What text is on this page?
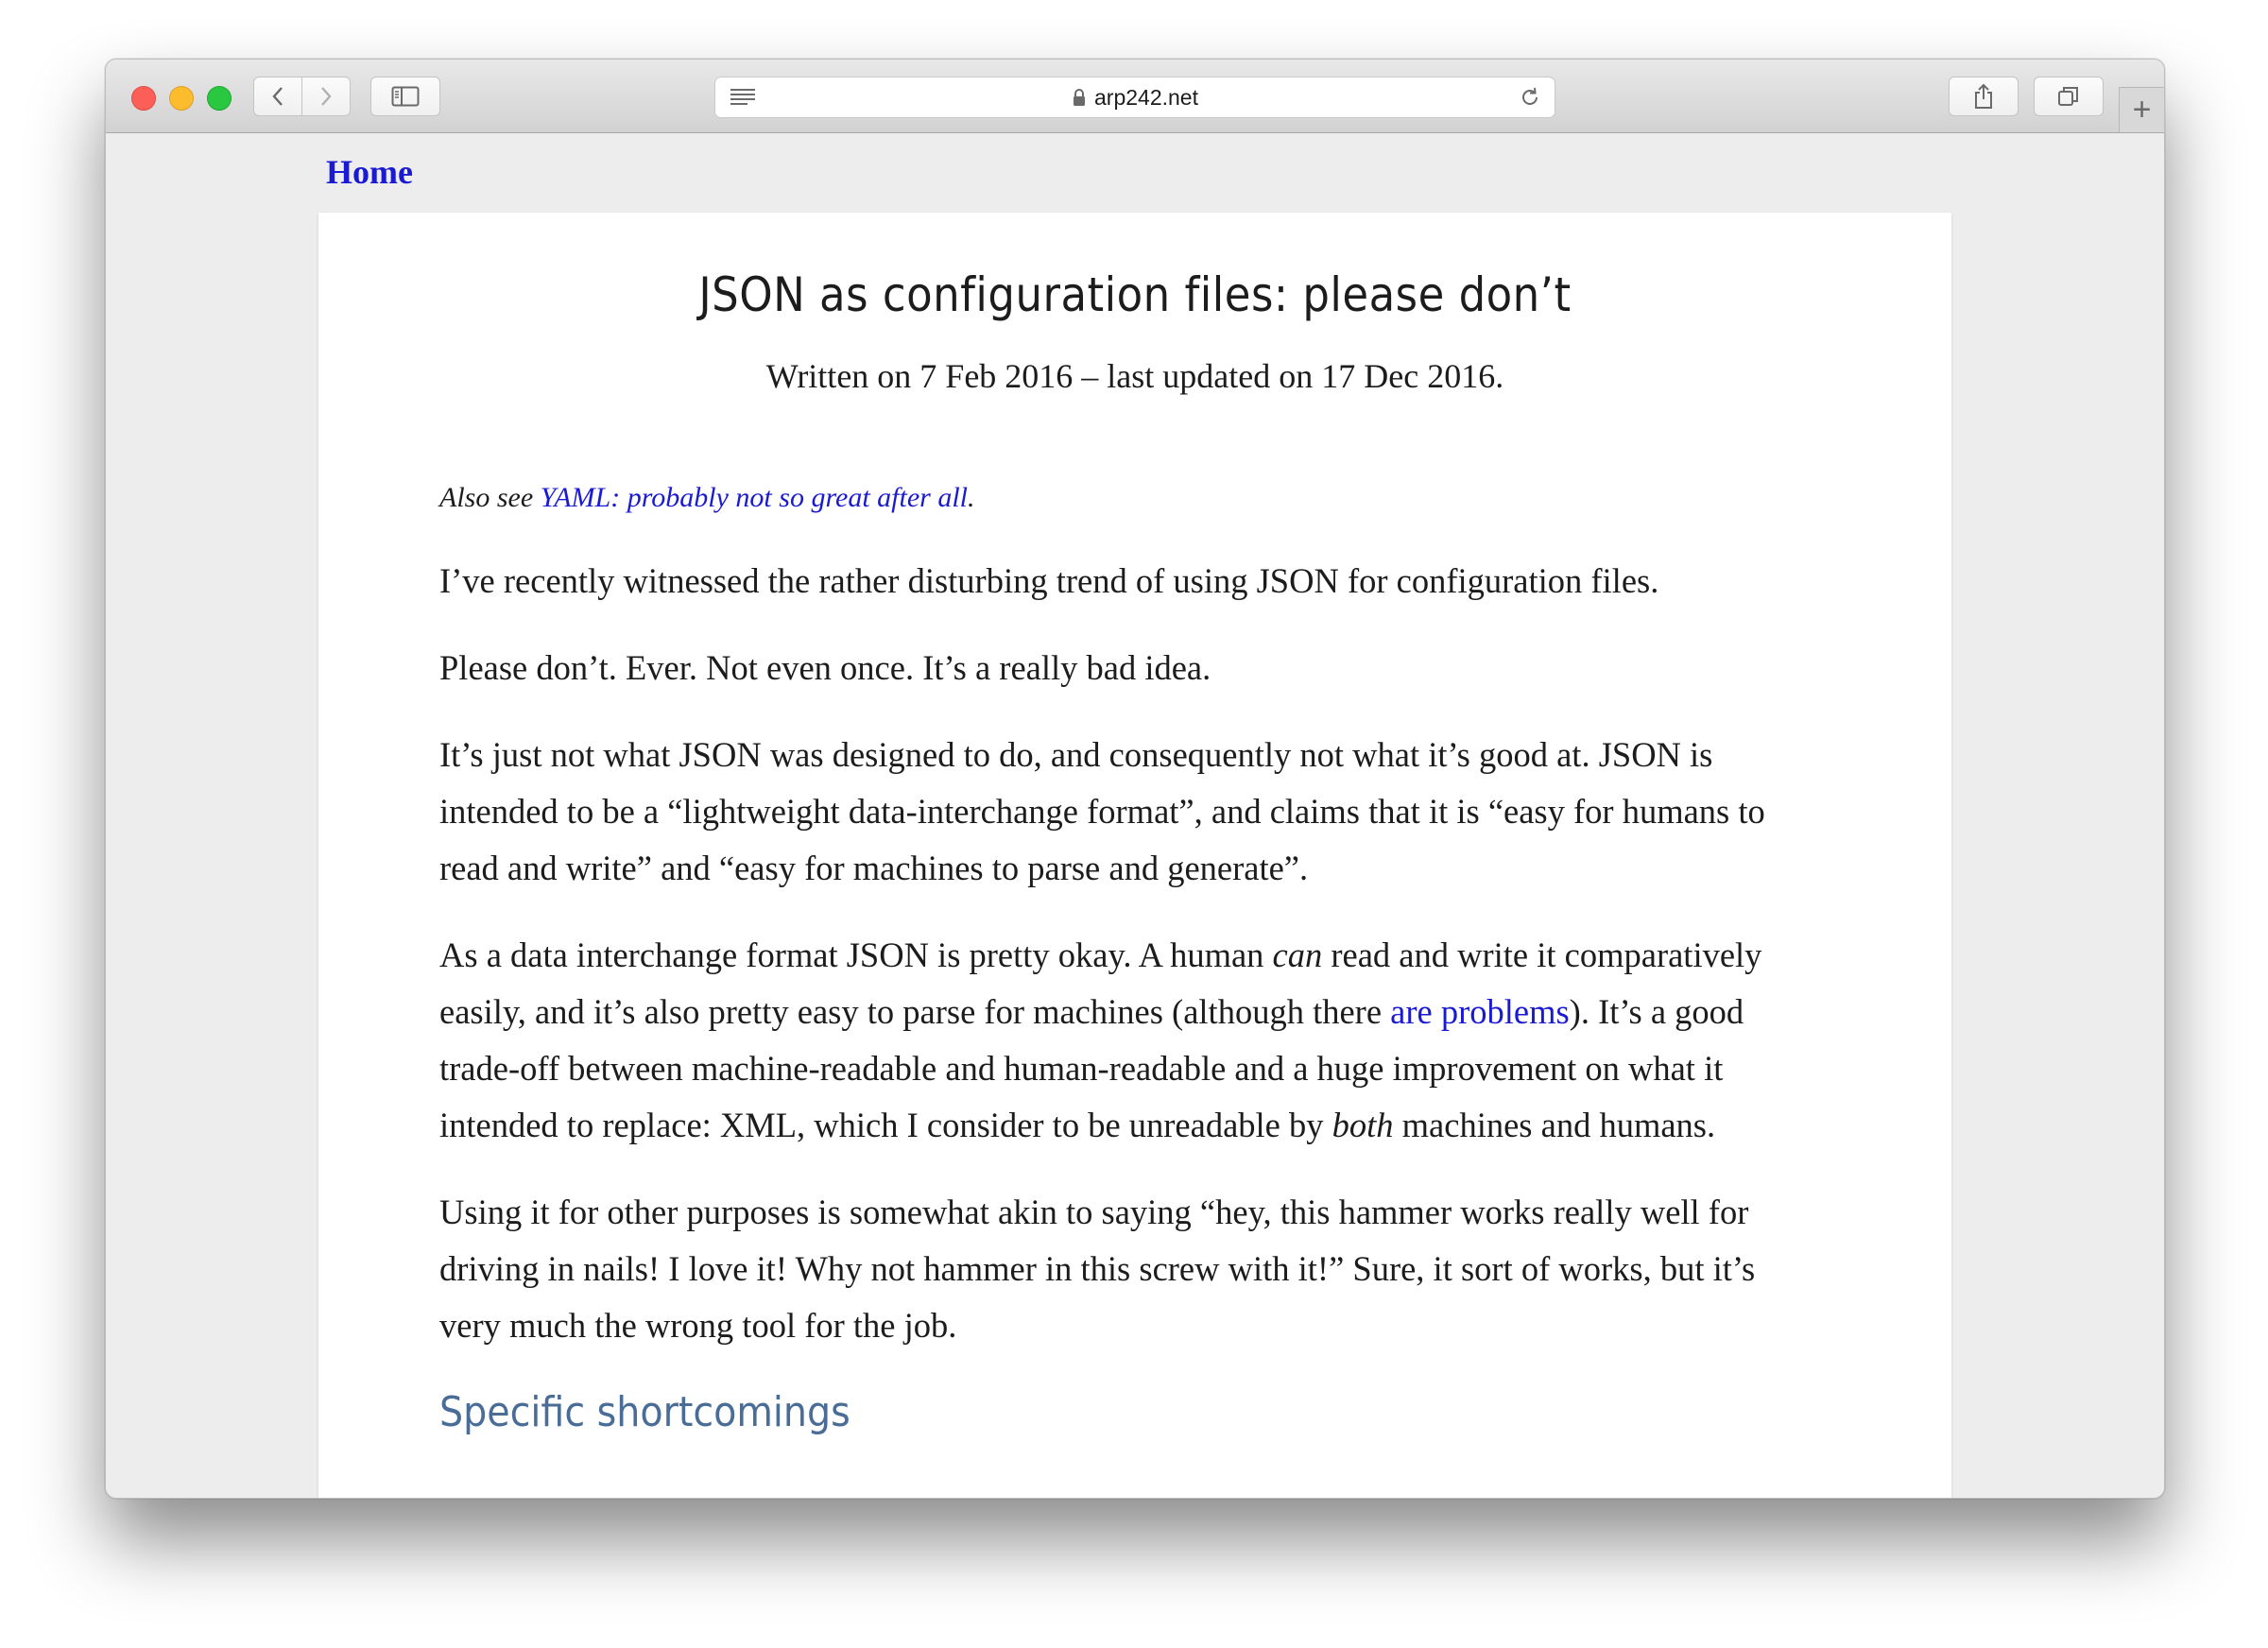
arp242.net	+
Home
JSON as configuration files: please don’t
Written on 7 Feb 2016 – last updated on 17 Dec 2016.

Also see YAML: probably not so great after all.

I’ve recently witnessed the rather disturbing trend of using JSON for configuration files.

Please don’t. Ever. Not even once. It’s a really bad idea.

It’s just not what JSON was designed to do, and consequently not what it’s good at. JSON is intended to be a “lightweight data-interchange format”, and claims that it is “easy for humans to read and write” and “easy for machines to parse and generate”.

As a data interchange format JSON is pretty okay. A human can read and write it comparatively easily, and it’s also pretty easy to parse for machines (although there are problems). It’s a good trade-off between machine-readable and human-readable and a huge improvement on what it intended to replace: XML, which I consider to be unreadable by both machines and humans.

Using it for other purposes is somewhat akin to saying “hey, this hammer works really well for driving in nails! I love it! Why not hammer in this screw with it!” Sure, it sort of works, but it’s very much the wrong tool for the job.

Specific shortcomings
